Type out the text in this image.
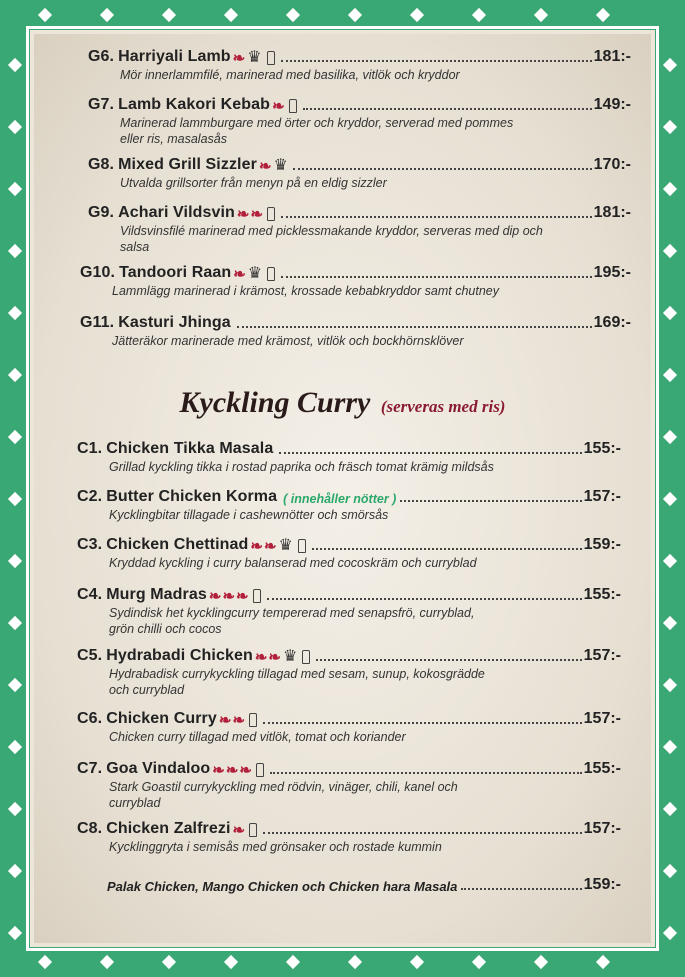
G6. Harriyali Lamb ❧ ♛	181:-
Mör innerlammfilé, marinerad med basilika, vitlök och kryddor
G7. Lamb Kakori Kebab ❧	149:-
Marinerad lammburgare med örter och kryddor, serverad med pommes
eller ris, masalasås
G8. Mixed Grill Sizzler ❧ ♛	170:-
Utvalda grillsorter från menyn på en eldig sizzler
G9. Achari Vildsvin ❧ ❧	181:-
Vildsvinsfilé marinerad med picklessmakande kryddor, serveras med dip och
salsa
G10. Tandoori Raan ❧ ♛	195:-
Lammlägg marinerad i krämost, krossade kebabkryddor samt chutney
G11. Kasturi Jhinga	169:-
Jätteräkor marinerade med krämost, vitlök och bockhörnsklöver
Kyckling Curry (serveras med ris)
C1. Chicken Tikka Masala	155:-
Grillad kyckling tikka i rostad paprika och fräsch tomat krämig mildsås
C2. Butter Chicken Korma ( innehåller nötter )	157:-
Kycklingbitar tillagade i cashewnötter och smörsås
C3. Chicken Chettinad ❧ ❧ ♛	159:-
Kryddad kyckling i curry balanserad med cocoskräm och curryblad
C4. Murg Madras ❧ ❧ ❧	155:-
Sydindisk het kycklingcurry tempererad med senapsfrö, curryblad,
grön chilli och cocos
C5. Hydrabadi Chicken ❧ ❧ ♛	157:-
Hydrabadisk currykyckling tillagad med sesam, sunup, kokosgrädde
och curryblad
C6. Chicken Curry ❧ ❧	157:-
Chicken curry tillagad med vitlök, tomat och koriander
C7. Goa Vindaloo ❧ ❧ ❧	155:-
Stark Goastil currykyckling med rödvin, vinäger, chili, kanel och
curryblad
C8. Chicken Zalfrezi ❧	157:-
Kycklinggryta i semisås med grönsaker och rostade kummin
Palak Chicken, Mango Chicken och Chicken hara Masala	159:-
